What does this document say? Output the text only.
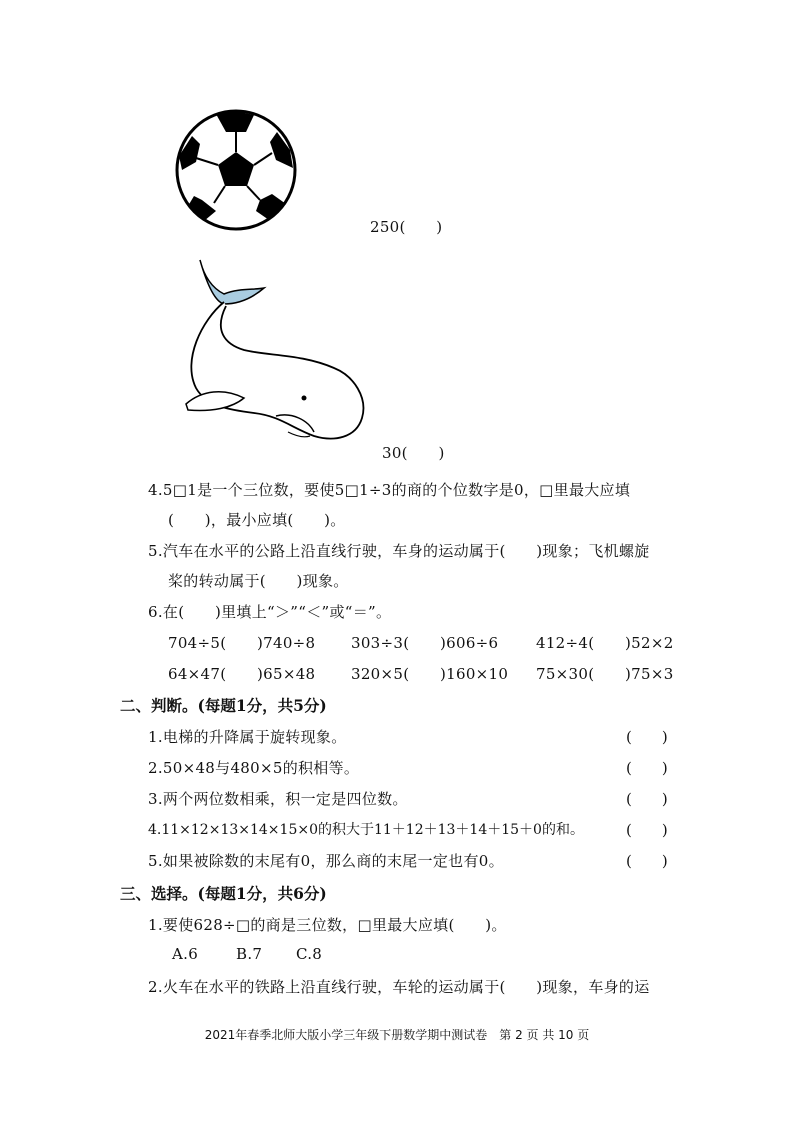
250(　　)
30(　　)
4.5□1是一个三位数，要使5□1÷3的商的个位数字是0，□里最大应填
(　　)，最小应填(　　)。
5.汽车在水平的公路上沿直线行驶，车身的运动属于(　　)现象；飞机螺旋
桨的转动属于(　　)现象。
6.在(　　)里填上“＞”“＜”或“＝”。
704÷5(　　)740÷8 303÷3(　　)606÷6	412÷4(　　)52×2
64×47(　　)65×48 320×5(　　)160×10 75×30(　　)75×3
二、判断。(每题1分，共5分)
1.电梯的升降属于旋转现象。	(　　)
2.50×48与480×5的积相等。	(　　)
3.两个两位数相乘，积一定是四位数。	(　　)
4.11×12×13×14×15×0的积大于11＋12＋13＋14＋15＋0的和。	(　　)
5.如果被除数的末尾有0，那么商的末尾一定也有0。	(　　)
三、选择。(每题1分，共6分)
1.要使628÷□的商是三位数，□里最大应填(　　)。
A.6	B.7 C.8
2.火车在水平的铁路上沿直线行驶，车轮的运动属于(　　)现象，车身的运
2021年春季北师大版小学三年级下册数学期中测试卷　第 2 页 共 10 页
